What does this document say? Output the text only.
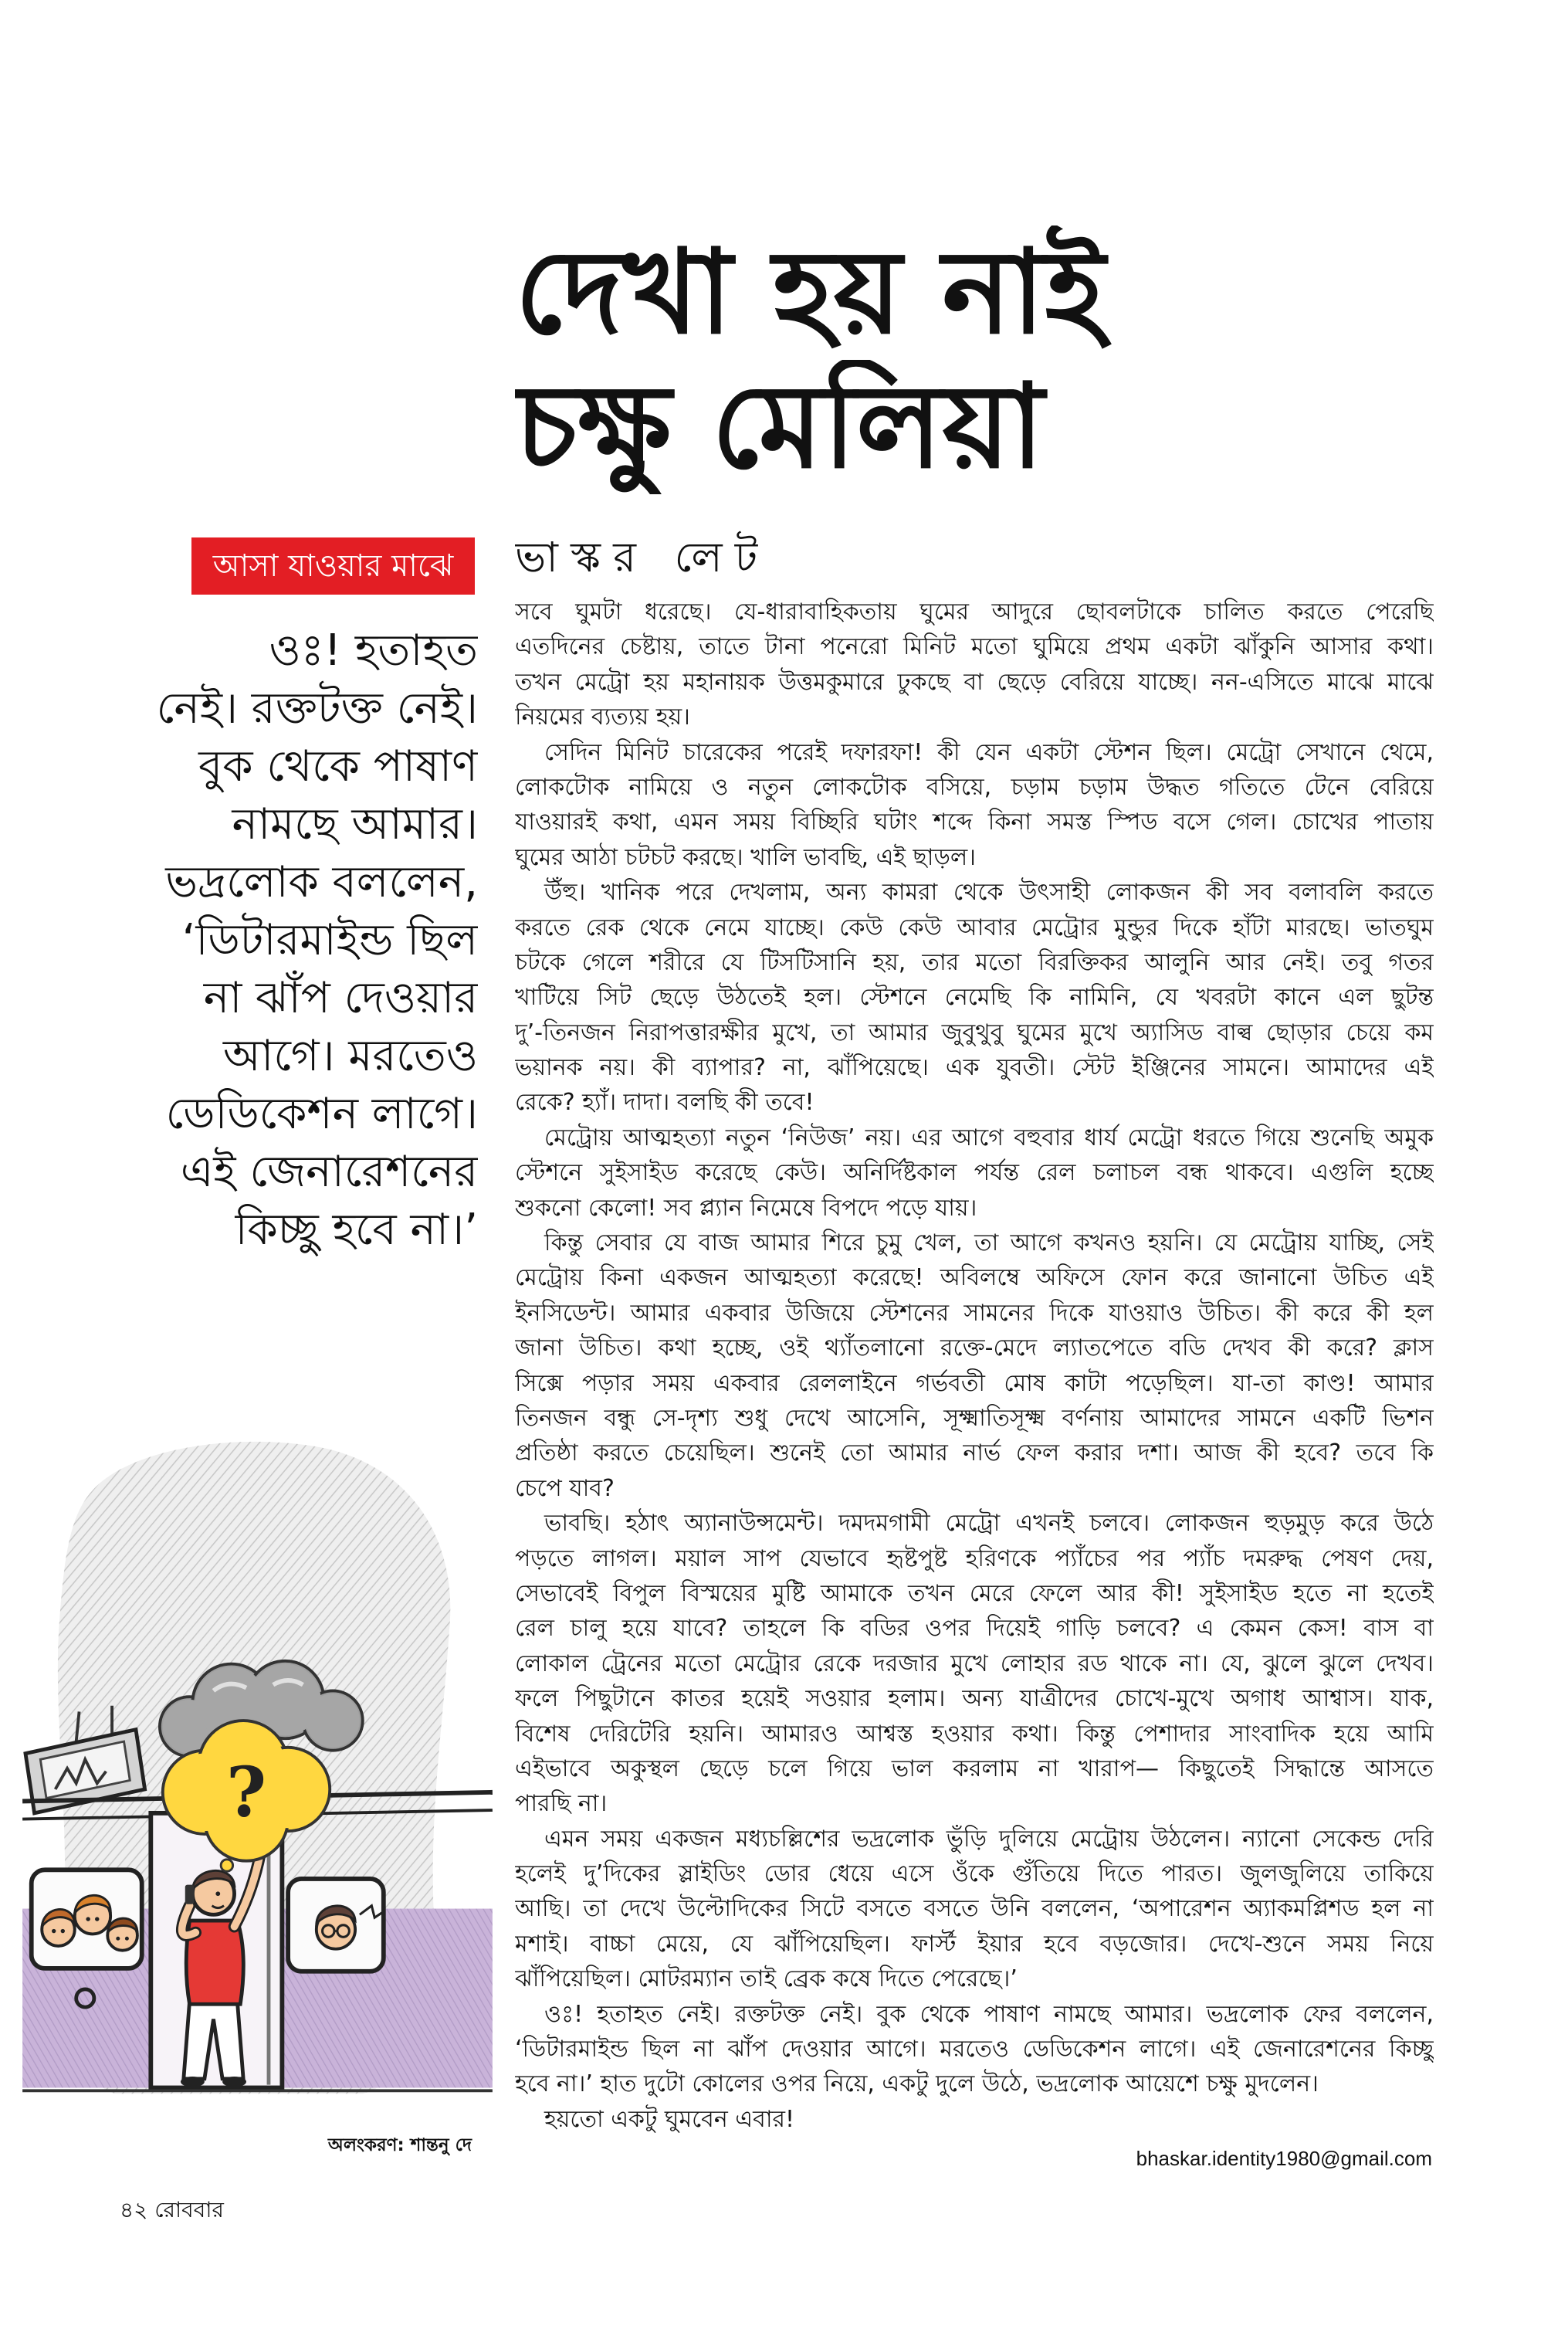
দেখা হয় নাই
চক্ষু মেলিয়া
ভাস্কর লেট
আসা যাওয়ার মাঝে
ওঃ! হতাহত
নেই। রক্তটক্ত নেই।
বুক থেকে পাষাণ
নামছে আমার।
ভদ্রলোক বললেন,
‘ডিটারমাইন্ড ছিল
না ঝাঁপ দেওয়ার
আগে। মরতেও
ডেডিকেশন লাগে।
এই জেনারেশনের
কিচ্ছু হবে না।’
সবে ঘুমটা ধরেছে। যে-ধারাবাহিকতায় ঘুমের আদুরে ছোবলটাকে চালিত করতে পেরেছি
এতদিনের চেষ্টায়, তাতে টানা পনেরো মিনিট মতো ঘুমিয়ে প্রথম একটা ঝাঁকুনি আসার কথা।
তখন মেট্রো হয় মহানায়ক উত্তমকুমারে ঢুকছে বা ছেড়ে বেরিয়ে যাচ্ছে। নন-এসিতে মাঝে মাঝে
নিয়মের ব্যত্যয় হয়।
সেদিন মিনিট চারেকের পরেই দফারফা! কী যেন একটা স্টেশন ছিল। মেট্রো সেখানে থেমে,
লোকটোক নামিয়ে ও নতুন লোকটোক বসিয়ে, চড়াম চড়াম উদ্ধত গতিতে টেনে বেরিয়ে
যাওয়ারই কথা, এমন সময় বিচ্ছিরি ঘটাং শব্দে কিনা সমস্ত স্পিড বসে গেল। চোখের পাতায়
ঘুমের আঠা চটচট করছে। খালি ভাবছি, এই ছাড়ল।
উঁহু। খানিক পরে দেখলাম, অন্য কামরা থেকে উৎসাহী লোকজন কী সব বলাবলি করতে
করতে রেক থেকে নেমে যাচ্ছে। কেউ কেউ আবার মেট্রোর মুন্ডুর দিকে হাঁটা মারছে। ভাতঘুম
চটকে গেলে শরীরে যে টিসটিসানি হয়, তার মতো বিরক্তিকর আলুনি আর নেই। তবু গতর
খাটিয়ে সিট ছেড়ে উঠতেই হল। স্টেশনে নেমেছি কি নামিনি, যে খবরটা কানে এল ছুটন্ত
দু’-তিনজন নিরাপত্তারক্ষীর মুখে, তা আমার জুবুথুবু ঘুমের মুখে অ্যাসিড বাল্ব ছোড়ার চেয়ে কম
ভয়ানক নয়। কী ব্যাপার? না, ঝাঁপিয়েছে। এক যুবতী। স্টেট ইঞ্জিনের সামনে। আমাদের এই
রেকে? হ্যাঁ। দাদা। বলছি কী তবে!
মেট্রোয় আত্মহত্যা নতুন ‘নিউজ’ নয়। এর আগে বহুবার ধার্য মেট্রো ধরতে গিয়ে শুনেছি অমুক
স্টেশনে সুইসাইড করেছে কেউ। অনির্দিষ্টকাল পর্যন্ত রেল চলাচল বন্ধ থাকবে। এগুলি হচ্ছে
শুকনো কেলো! সব প্ল্যান নিমেষে বিপদে পড়ে যায়।
কিন্তু সেবার যে বাজ আমার শিরে চুমু খেল, তা আগে কখনও হয়নি। যে মেট্রোয় যাচ্ছি, সেই
মেট্রোয় কিনা একজন আত্মহত্যা করেছে! অবিলম্বে অফিসে ফোন করে জানানো উচিত এই
ইনসিডেন্ট। আমার একবার উজিয়ে স্টেশনের সামনের দিকে যাওয়াও উচিত। কী করে কী হল
জানা উচিত। কথা হচ্ছে, ওই থ্যাঁতলানো রক্তে-মেদে ল্যাতপেতে বডি দেখব কী করে? ক্লাস
সিক্সে পড়ার সময় একবার রেললাইনে গর্ভবতী মোষ কাটা পড়েছিল। যা-তা কাণ্ড! আমার
তিনজন বন্ধু সে-দৃশ্য শুধু দেখে আসেনি, সূক্ষ্মাতিসূক্ষ্ম বর্ণনায় আমাদের সামনে একটি ভিশন
প্রতিষ্ঠা করতে চেয়েছিল। শুনেই তো আমার নার্ভ ফেল করার দশা। আজ কী হবে? তবে কি
চেপে যাব?
ভাবছি। হঠাৎ অ্যানাউন্সমেন্ট। দমদমগামী মেট্রো এখনই চলবে। লোকজন হুড়মুড় করে উঠে
পড়তে লাগল। ময়াল সাপ যেভাবে হৃষ্টপুষ্ট হরিণকে প্যাঁচের পর প্যাঁচ দমরুদ্ধ পেষণ দেয়,
সেভাবেই বিপুল বিস্ময়ের মুষ্টি আমাকে তখন মেরে ফেলে আর কী! সুইসাইড হতে না হতেই
রেল চালু হয়ে যাবে? তাহলে কি বডির ওপর দিয়েই গাড়ি চলবে? এ কেমন কেস! বাস বা
লোকাল ট্রেনের মতো মেট্রোর রেকে দরজার মুখে লোহার রড থাকে না। যে, ঝুলে ঝুলে দেখব।
ফলে পিছুটানে কাতর হয়েই সওয়ার হলাম। অন্য যাত্রীদের চোখে-মুখে অগাধ আশ্বাস। যাক,
বিশেষ দেরিটেরি হয়নি। আমারও আশ্বস্ত হওয়ার কথা। কিন্তু পেশাদার সাংবাদিক হয়ে আমি
এইভাবে অকুস্থল ছেড়ে চলে গিয়ে ভাল করলাম না খারাপ— কিছুতেই সিদ্ধান্তে আসতে
পারছি না।
এমন সময় একজন মধ্যচল্লিশের ভদ্রলোক ভুঁড়ি দুলিয়ে মেট্রোয় উঠলেন। ন্যানো সেকেন্ড দেরি
হলেই দু’দিকের স্লাইডিং ডোর ধেয়ে এসে ওঁকে গুঁতিয়ে দিতে পারত। জুলজুলিয়ে তাকিয়ে
আছি। তা দেখে উল্টোদিকের সিটে বসতে বসতে উনি বললেন, ‘অপারেশন অ্যাকমপ্লিশড হল না
মশাই। বাচ্চা মেয়ে, যে ঝাঁপিয়েছিল। ফার্স্ট ইয়ার হবে বড়জোর। দেখে-শুনে সময় নিয়ে
ঝাঁপিয়েছিল। মোটরম্যান তাই ব্রেক কষে দিতে পেরেছে।’
ওঃ! হতাহত নেই। রক্তটক্ত নেই। বুক থেকে পাষাণ নামছে আমার। ভদ্রলোক ফের বললেন,
‘ডিটারমাইন্ড ছিল না ঝাঁপ দেওয়ার আগে। মরতেও ডেডিকেশন লাগে। এই জেনারেশনের কিচ্ছু
হবে না।’ হাত দুটো কোলের ওপর নিয়ে, একটু দুলে উঠে, ভদ্রলোক আয়েশে চক্ষু মুদলেন।
হয়তো একটু ঘুমবেন এবার!
?
অলংকরণ: শান্তনু দে
bhaskar.identity1980@gmail.com
৪২ রোববার
